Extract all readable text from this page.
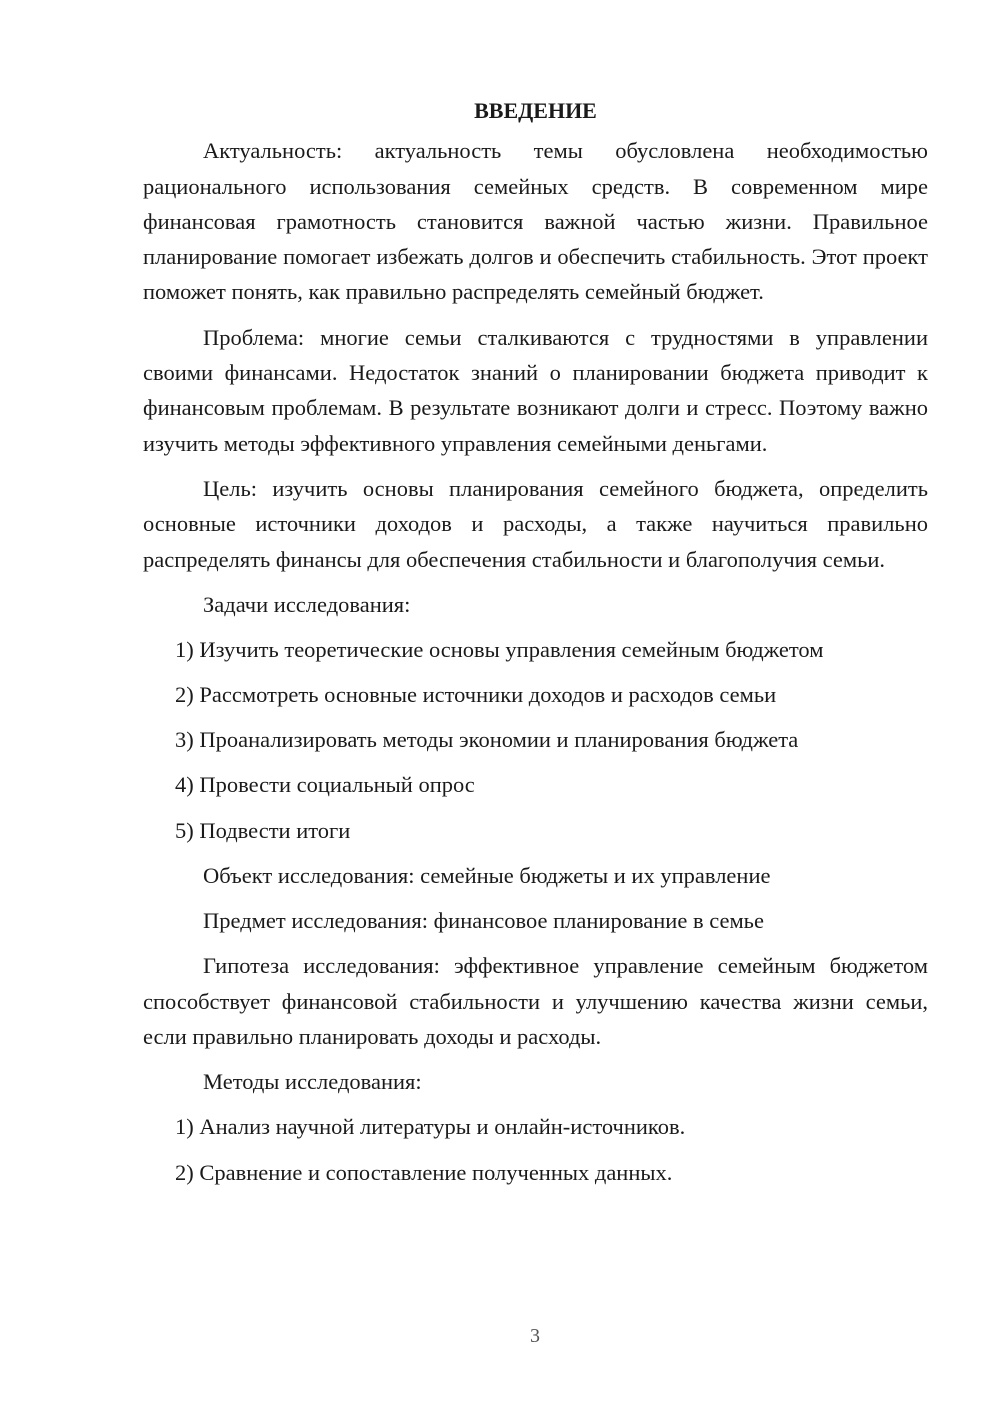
ВВЕДЕНИЕ

Актуальность: актуальность темы обусловлена необходимостью рационального использования семейных средств. В современном мире финансовая грамотность становится важной частью жизни. Правильное планирование помогает избежать долгов и обеспечить стабильность. Этот проект поможет понять, как правильно распределять семейный бюджет.

Проблема: многие семьи сталкиваются с трудностями в управлении своими финансами. Недостаток знаний о планировании бюджета приводит к финансовым проблемам. В результате возникают долги и стресс. Поэтому важно изучить методы эффективного управления семейными деньгами.

Цель: изучить основы планирования семейного бюджета, определить основные источники доходов и расходы, а также научиться правильно распределять финансы для обеспечения стабильности и благополучия семьи.

Задачи исследования:

1) Изучить теоретические основы управления семейным бюджетом
2) Рассмотреть основные источники доходов и расходов семьи
3) Проанализировать методы экономии и планирования бюджета
4) Провести социальный опрос
5) Подвести итоги

Объект исследования: семейные бюджеты и их управление

Предмет исследования: финансовое планирование в семье

Гипотеза исследования: эффективное управление семейным бюджетом способствует финансовой стабильности и улучшению качества жизни семьи, если правильно планировать доходы и расходы.

Методы исследования:

1) Анализ научной литературы и онлайн-источников.
2) Сравнение и сопоставление полученных данных.
3
